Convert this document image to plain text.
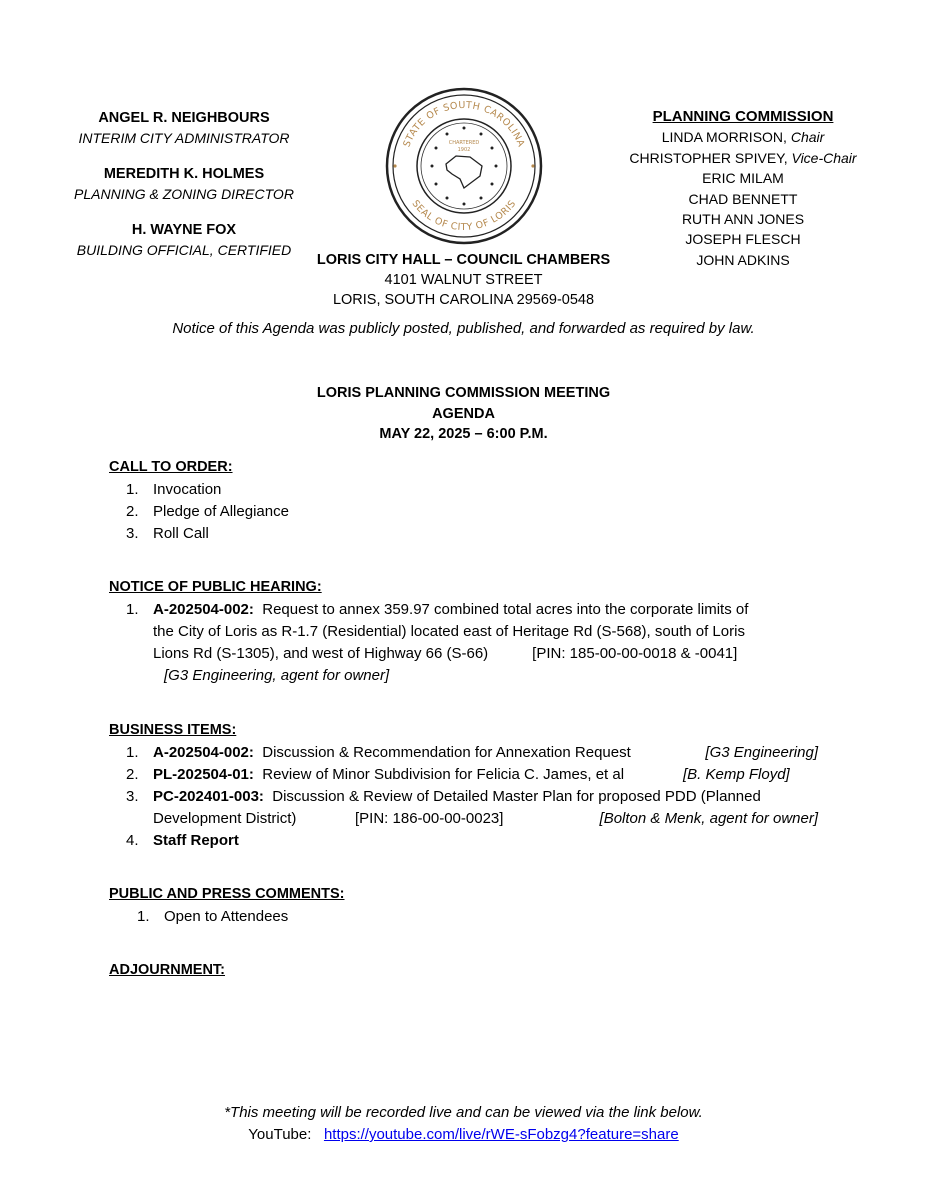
ANGEL R. NEIGHBOURS
INTERIM CITY ADMINISTRATOR
MEREDITH K. HOLMES
PLANNING & ZONING DIRECTOR
H. WAYNE FOX
BUILDING OFFICIAL, CERTIFIED
STATE OF SOUTH CAROLINA
SEAL OF CITY OF LORIS
CHARTERED
1902
LORIS CITY HALL – COUNCIL CHAMBERS
4101 WALNUT STREET
LORIS, SOUTH CAROLINA 29569-0548
PLANNING COMMISSION
LINDA MORRISON, Chair
CHRISTOPHER SPIVEY, Vice-Chair
ERIC MILAM
CHAD BENNETT
RUTH ANN JONES
JOSEPH FLESCH
JOHN ADKINS
Notice of this Agenda was publicly posted, published, and forwarded as required by law.
LORIS PLANNING COMMISSION MEETING
AGENDA
MAY 22, 2025 – 6:00 P.M.
CALL TO ORDER:
1. Invocation
2. Pledge of Allegiance
3. Roll Call
NOTICE OF PUBLIC HEARING:
1. A-202504-002: Request to annex 359.97 combined total acres into the corporate limits of
the City of Loris as R-1.7 (Residential) located east of Heritage Rd (S-568), south of Loris
Lions Rd (S-1305), and west of Highway 66 (S-66)	[PIN: 185-00-00-0018 & -0041]
[G3 Engineering, agent for owner]
BUSINESS ITEMS:
1. A-202504-002: Discussion & Recommendation for Annexation Request	[G3 Engineering]
2. PL-202504-01: Review of Minor Subdivision for Felicia C. James, et al	[B. Kemp Floyd]
3. PC-202401-003: Discussion & Review of Detailed Master Plan for proposed PDD (Planned
Development District)	[PIN: 186-00-00-0023]	[Bolton & Menk, agent for owner]
4. Staff Report
PUBLIC AND PRESS COMMENTS:
1. Open to Attendees
ADJOURNMENT:
*This meeting will be recorded live and can be viewed via the link below.
YouTube: https://youtube.com/live/rWE-sFobzg4?feature=share
